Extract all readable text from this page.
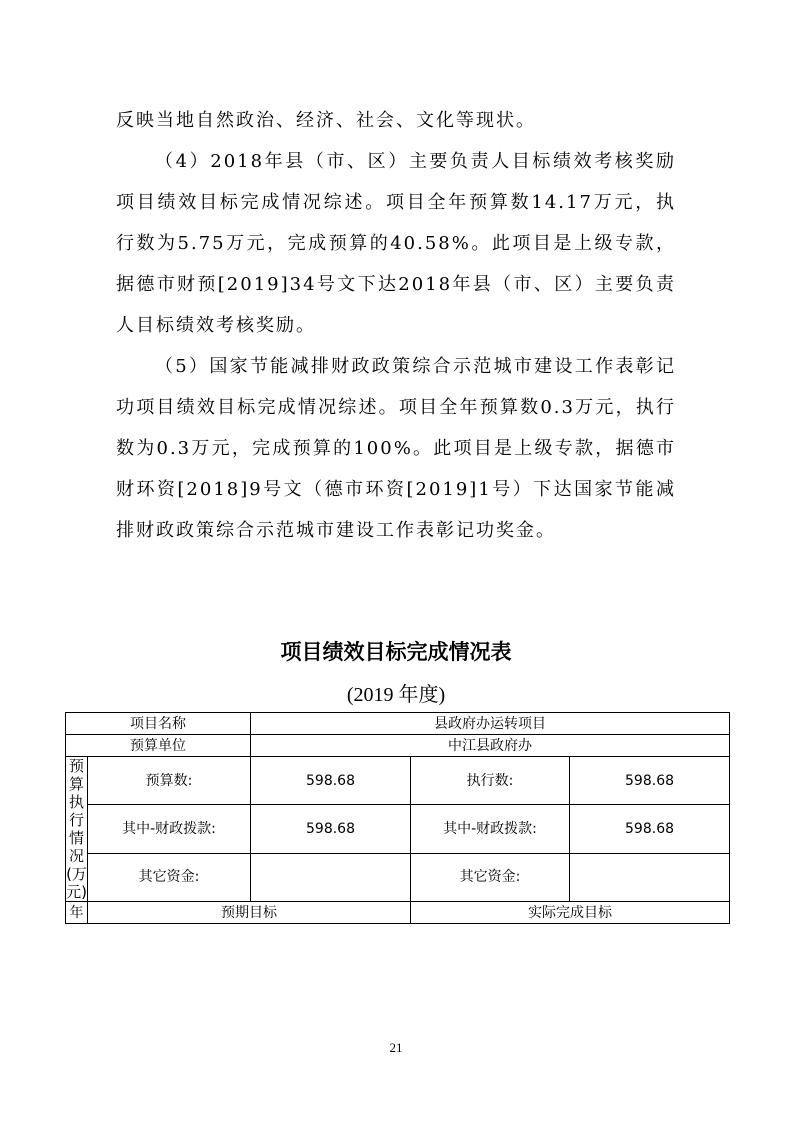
反映当地自然政治、经济、社会、文化等现状。

（4）2018年县（市、区）主要负责人目标绩效考核奖励项目绩效目标完成情况综述。项目全年预算数14.17万元，执行数为5.75万元，完成预算的40.58%。此项目是上级专款，据德市财预[2019]34号文下达2018年县（市、区）主要负责人目标绩效考核奖励。

（5）国家节能减排财政政策综合示范城市建设工作表彰记功项目绩效目标完成情况综述。项目全年预算数0.3万元，执行数为0.3万元，完成预算的100%。此项目是上级专款，据德市财环资[2018]9号文（德市环资[2019]1号）下达国家节能减排财政政策综合示范城市建设工作表彰记功奖金。

项目绩效目标完成情况表
(2019 年度)
项目名称		县政府办运转项目		
预算单位		中江县政府办		
预算执行情况(万元)	预算数:	598.68	执行数:	598.68
	其中-财政拨款:	598.68	其中-财政拨款:	598.68
	其它资金:		其它资金:	
年	预期目标		实际完成目标	
21
